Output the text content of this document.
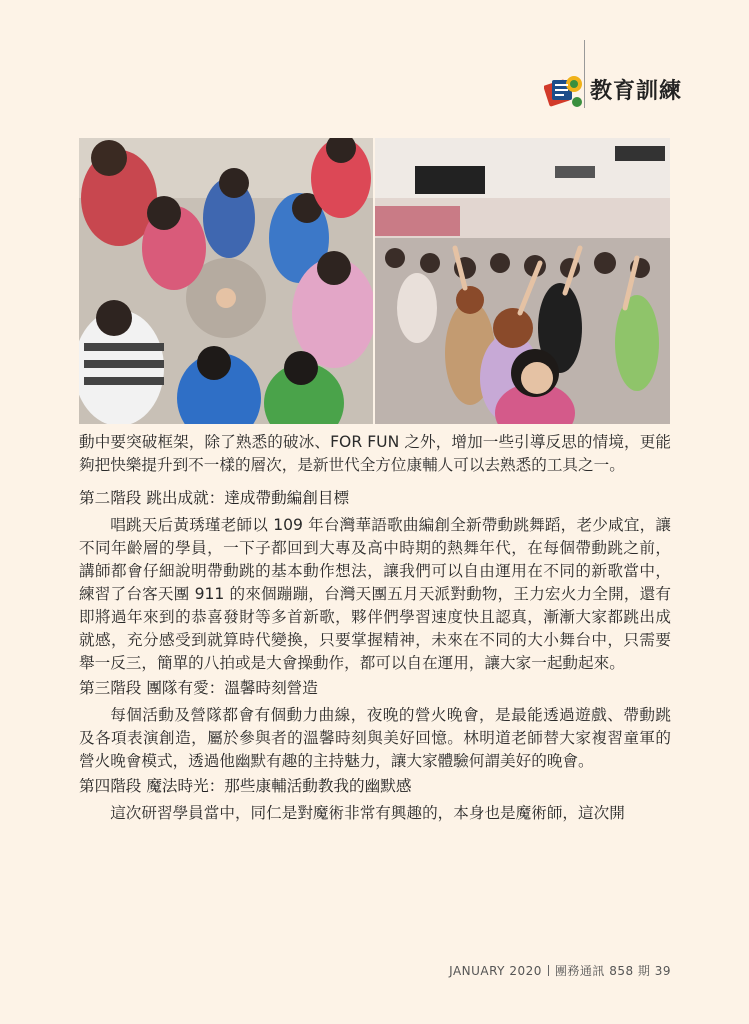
教育訓練

動中要突破框架，除了熟悉的破冰、FOR FUN 之外，增加一些引導反思的情境，更能夠把快樂提升到不一樣的層次，是新世代全方位康輔人可以去熟悉的工具之一。

第二階段 跳出成就：達成帶動編創目標

唱跳天后黃琇瑾老師以 109 年台灣華語歌曲編創全新帶動跳舞蹈，老少咸宜，讓不同年齡層的學員，一下子都回到大專及高中時期的熱舞年代，在每個帶動跳之前，講師都會仔細說明帶動跳的基本動作想法，讓我們可以自由運用在不同的新歌當中，練習了台客天團 911 的來個蹦蹦，台灣天團五月天派對動物，王力宏火力全開，還有即將過年來到的恭喜發財等多首新歌，夥伴們學習速度快且認真，漸漸大家都跳出成就感，充分感受到就算時代變換，只要掌握精神，未來在不同的大小舞台中，只需要舉一反三，簡單的八拍或是大會操動作，都可以自在運用，讓大家一起動起來。

第三階段 團隊有愛：溫馨時刻營造

每個活動及營隊都會有個動力曲線，夜晚的營火晚會，是最能透過遊戲、帶動跳及各項表演創造，屬於參與者的溫馨時刻與美好回憶。林明道老師替大家複習童軍的營火晚會模式，透過他幽默有趣的主持魅力，讓大家體驗何謂美好的晚會。

第四階段 魔法時光：那些康輔活動教我的幽默感

這次研習學員當中，同仁是對魔術非常有興趣的，本身也是魔術師，這次開

JANUARY 2020 團務通訊 858 期 39
